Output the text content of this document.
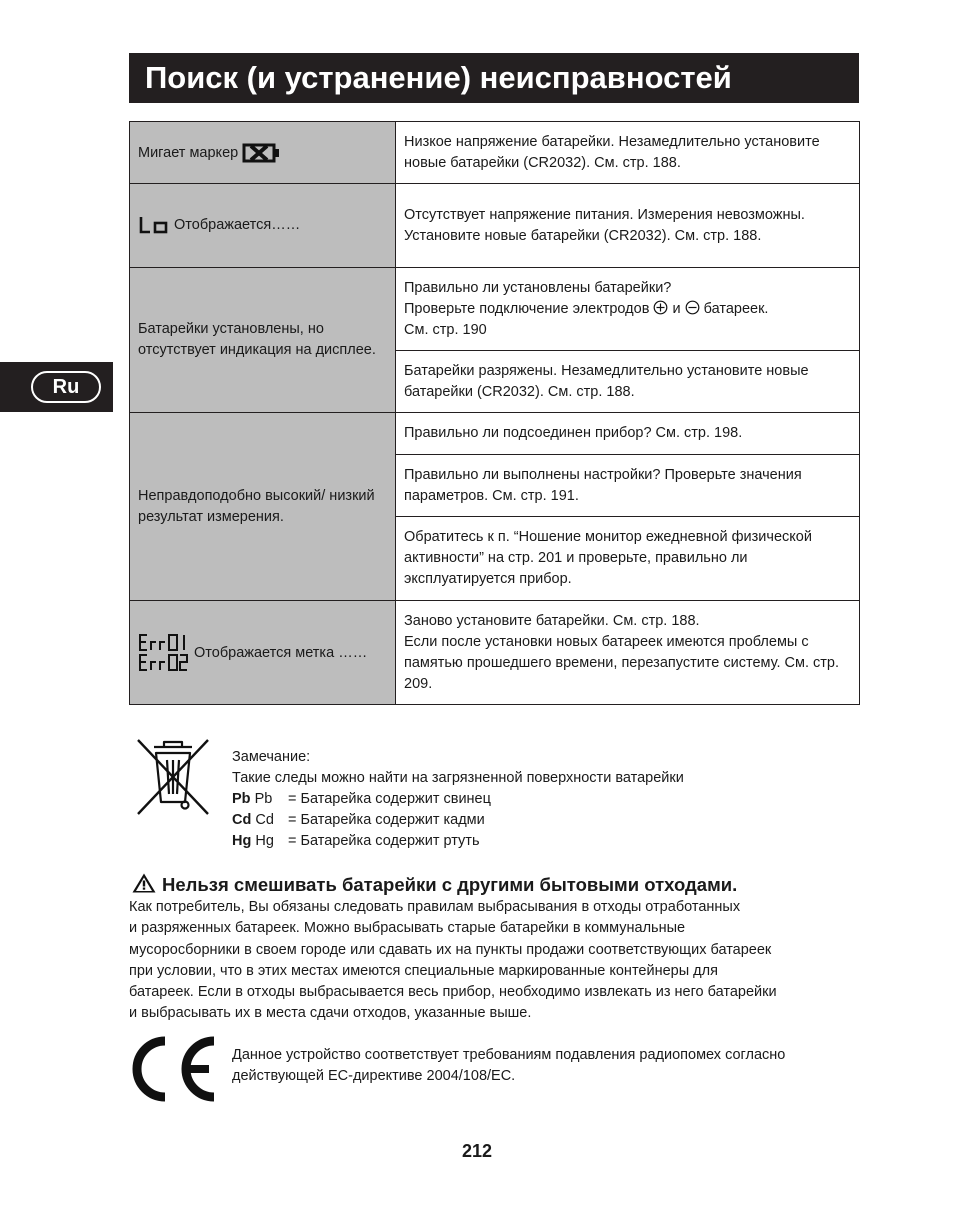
Поиск (и устранение) неисправностей
Ru
Мигает маркер	Низкое напряжение батарейки. Незамедлительно установите новые батарейки (CR2032). См. стр. 188.
Отображается……	Отсутствует напряжение питания. Измерения невозможны. Установите новые батарейки (CR2032). См. стр. 188.
Батарейки установлены, но отсутствует индикация на дисплее.	Правильно ли установлены батарейки?
Проверьте подключение электродов и батареек.
См. стр. 190

	Батарейки разряжены. Незамедлительно установите новые батарейки (CR2032). См. стр. 188.
Неправдоподобно высокий/ низкий результат измерения.	Правильно ли подсоединен прибор? См. стр. 198.
	Правильно ли выполнены настройки? Проверьте значения параметров. См. стр. 191.
	Обратитесь к п. “Ношение монитор ежедневной физической активности” на стр. 201 и проверьте, правильно ли эксплуатируется прибор.
Отображается метка ……	Заново установите батарейки. См. стр. 188.
Если после установки новых батареек имеются проблемы с памятью прошедшего времени, перезапустите систему. См. стр. 209.
Замечание:
Такие следы можно найти на загрязненной поверхности ватарейки
Pb Pb = Батарейка содержит свинец
Cd Cd = Батарейка содержит кадми
Hg Hg = Батарейка содержит ртуть
Нельзя смешивать батарейки с другими бытовыми отходами.
Как потребитель, Вы обязаны следовать правилам выбрасывания в отходы отработанных
и разряженных батареек. Можно выбрасывать старые батарейки в коммунальные
мусоросборники в своем городе или сдавать их на пункты продажи соответствующих батареек
при условии, что в этих местах имеются специальные маркированные контейнеры для
батареек. Если в отходы выбрасывается весь прибор, необходимо извлекать из него батарейки
и выбрасывать их в места сдачи отходов, указанные выше.
Данное устройство соответствует требованиям подавления радиопомех согласно действующей ЕС-директиве 2004/108/ЕС.
212
